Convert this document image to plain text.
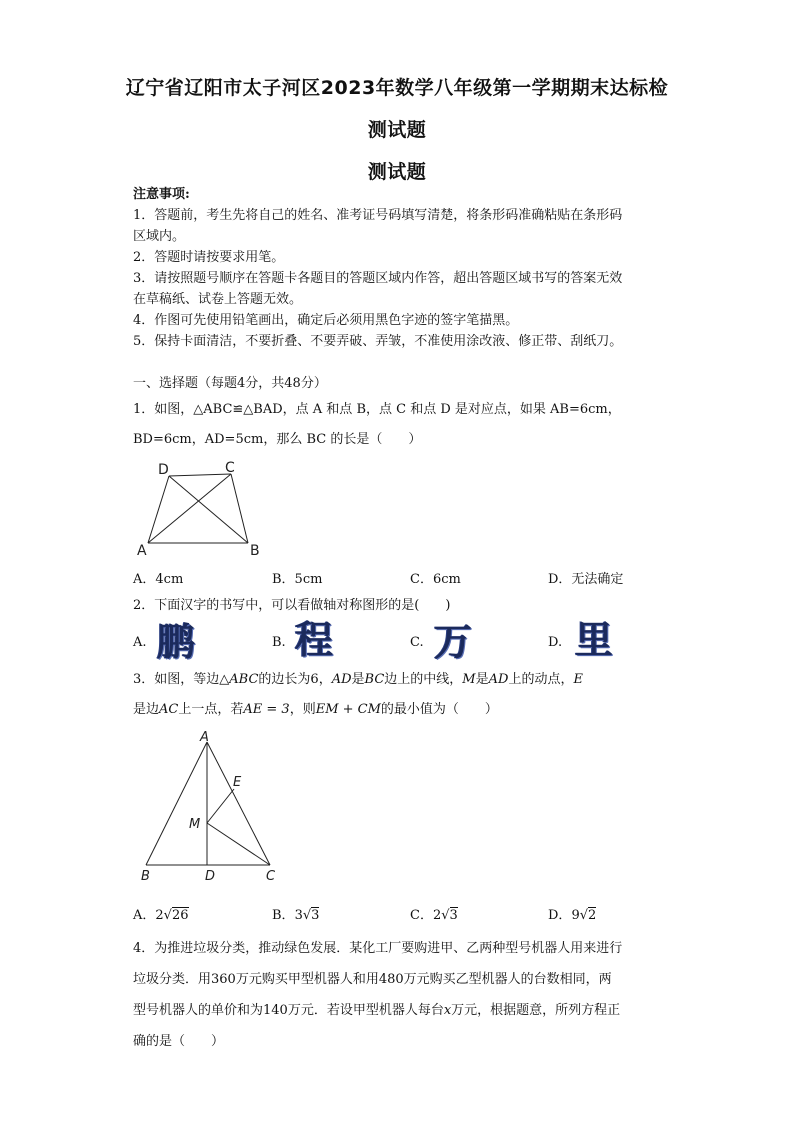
辽宁省辽阳市太子河区2023年数学八年级第一学期期末达标检
测试题
测试题
注意事项:
1．答题前，考生先将自己的姓名、准考证号码填写清楚，将条形码准确粘贴在条形码
区域内。
2．答题时请按要求用笔。
3．请按照题号顺序在答题卡各题目的答题区域内作答，超出答题区域书写的答案无效
在草稿纸、试卷上答题无效。
4．作图可先使用铅笔画出，确定后必须用黑色字迹的签字笔描黑。
5．保持卡面清洁，不要折叠、不要弄破、弄皱，不准使用涂改液、修正带、刮纸刀。
一、选择题（每题4分，共48分）
1．如图，△ABC≌△BAD，点 A 和点 B，点 C 和点 D 是对应点，如果 AB=6cm，
BD=6cm，AD=5cm，那么 BC 的长是（　　）
D	C
A	B
A．4cm	B．5cm	C．6cm	D．无法确定
2．下面汉字的书写中，可以看做轴对称图形的是(　　)
A. 鹏	B. 程	C. 万	D. 里
3．如图，等边△ABC的边长为6，AD是BC边上的中线，M是AD上的动点，E
是边AC上一点，若AE = 3，则EM + CM的最小值为（　　）
A
E
M
B	D	C
A．2√26	B．3√3	C．2√3	D．9√2
4．为推进垃圾分类，推动绿色发展．某化工厂要购进甲、乙两种型号机器人用来进行
垃圾分类．用360万元购买甲型机器人和用480万元购买乙型机器人的台数相同，两
型号机器人的单价和为140万元．若设甲型机器人每台x万元，根据题意，所列方程正
确的是（　　）
